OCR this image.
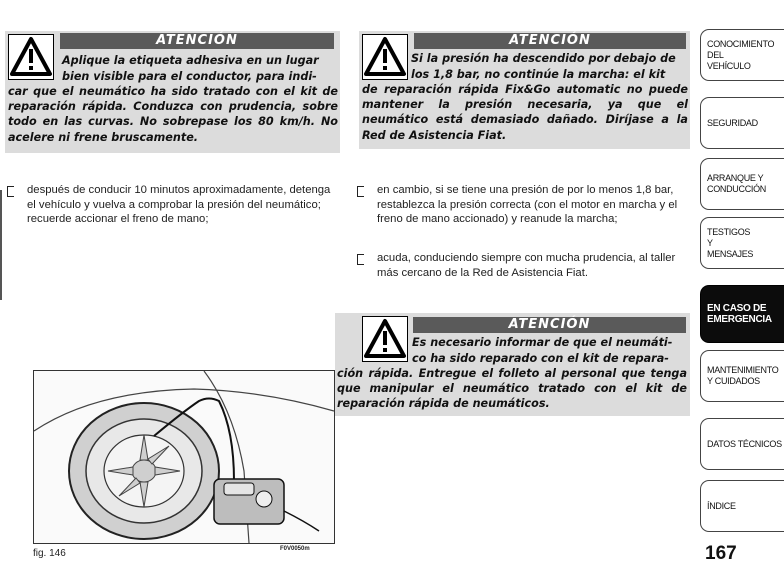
ATENCIÓN
Aplique la etiqueta adhesiva en un lugar
bien visible para el conductor, para indi-
car que el neumático ha sido tratado con el kit de reparación rápida. Conduzca con prudencia, sobre todo en las curvas. No sobrepase los 80 km/h. No acelere ni frene bruscamente.
ATENCIÓN
Si la presión ha descendido por debajo de
los 1,8 bar, no continúe la marcha: el kit
de reparación rápida Fix&Go automatic no puede mantener la presión necesaria, ya que el neumático está demasiado dañado. Diríjase a la Red de Asistencia Fiat.
después de conducir 10 minutos aproximadamente, detenga el vehículo y vuelva a comprobar la presión del neumático; recuerde accionar el freno de mano;
en cambio, si se tiene una presión de por lo menos 1,8 bar, restablezca la presión correcta (con el motor en marcha y el freno de mano accionado) y reanude la marcha;
acuda, conduciendo siempre con mucha prudencia, al taller más cercano de la Red de Asistencia Fiat.
ATENCIÓN
Es necesario informar de que el neumáti-
co ha sido reparado con el kit de repara-
ción rápida. Entregue el folleto al personal que tenga que manipular el neumático tratado con el kit de reparación rápida de neumáticos.
fig. 146	F0V0050m
CONOCIMIENTO DEL VEHÍCULO
SEGURIDAD
ARRANQUE Y CONDUCCIÓN
TESTIGOS Y MENSAJES
EN CASO DE EMERGENCIA
MANTENIMIENTO Y CUIDADOS
DATOS TÉCNICOS
ÍNDICE
167
